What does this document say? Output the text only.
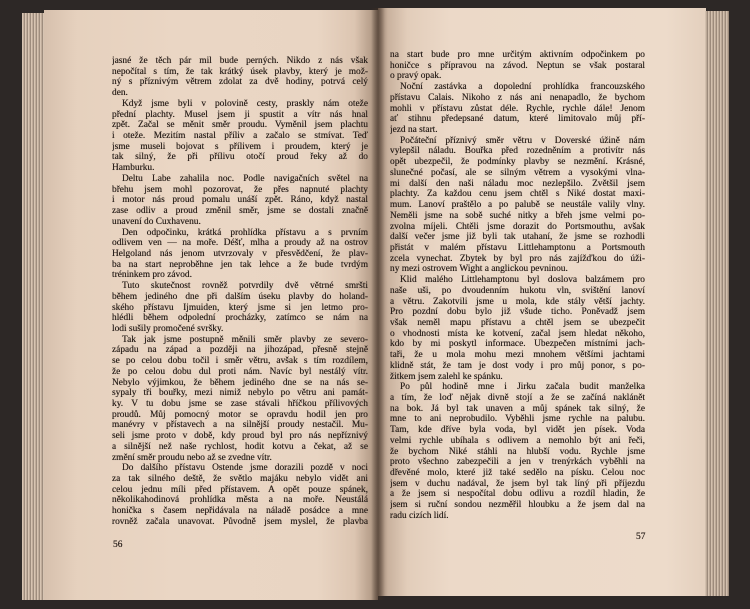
jasné že těch pár mil bude perných. Nikdo z nás však
nepočítal s tím, že tak krátký úsek plavby, který je mož-
ný s příznivým větrem zdolat za dvě hodiny, potrvá celý
den.
Když jsme byli v polovině cesty, praskly nám oteže
přední plachty. Musel jsem ji spustit a vítr nás hnal
zpět. Začal se měnit směr proudu. Vyměnil jsem plachtu
i oteže. Mezitím nastal příliv a začalo se stmívat. Teď
jsme museli bojovat s přílivem i proudem, který je
tak silný, že při přílivu otočí proud řeky až do
Hamburku.
Deltu Labe zahalila noc. Podle navigačních světel na
břehu jsem mohl pozorovat, že přes napnuté plachty
i motor nás proud pomalu unáší zpět. Ráno, když nastal
zase odliv a proud změnil směr, jsme se dostali značně
unavení do Cuxhavenu.
Den odpočinku, krátká prohlídka přístavu a s prvním
odlivem ven — na moře. Déšť, mlha a proudy až na ostrov
Helgoland nás jenom utvrzovaly v přesvědčení, že plav-
ba na start neproběhne jen tak lehce a že bude tvrdým
tréninkem pro závod.
Tuto skutečnost rovněž potvrdily dvě větrné smršti
během jediného dne při dalším úseku plavby do holand-
ského přístavu Ijmuiden, který jsme si jen letmo pro-
hlédli během odpolední procházky, zatímco se nám na
lodi sušily promočené svršky.
Tak jak jsme postupně měnili směr plavby ze severo-
západu na západ a později na jihozápad, přesně stejně
se po celou dobu točil i směr větru, avšak s tím rozdílem,
že po celou dobu dul proti nám. Navíc byl nestálý vítr.
Nebylo výjimkou, že během jediného dne se na nás se-
sypaly tři bouřky, mezi nimiž nebylo po větru ani památ-
ky. V tu dobu jsme se zase stávali hříčkou přílivových
proudů. Můj pomocný motor se opravdu hodil jen pro
manévry v přístavech a na silnější proudy nestačil. Mu-
seli jsme proto v době, kdy proud byl pro nás nepříznivý
a silnější než naše rychlost, hodit kotvu a čekat, až se
změní směr proudu nebo až se zvedne vítr.
Do dalšího přístavu Ostende jsme dorazili pozdě v noci
za tak silného deště, že světlo majáku nebylo vidět ani
celou jednu míli před přístavem. A opět pouze spánek,
několikahodinová prohlídka města a na moře. Neustálá
honička s časem nepřidávala na náladě posádce a mne
rovněž začala unavovat. Původně jsem myslel, že plavba
na start bude pro mne určitým aktivním odpočinkem po
honičce s přípravou na závod. Neptun se však postaral
o pravý opak.
Noční zastávka a dopolední prohlídka francouzského
přístavu Calais. Nikoho z nás ani nenapadlo, že bychom
mohli v přístavu zůstat déle. Rychle, rychle dále! Jenom
ať stihnu předepsané datum, které limitovalo můj pří-
jezd na start.
Počáteční příznivý směr větru v Doverské úžině nám
vylepšil náladu. Bouřka před rozedněním a protivítr nás
opět ubezpečil, že podmínky plavby se nezmění. Krásné,
slunečné počasí, ale se silným větrem a vysokými vlna-
mi další den naši náladu moc nezlepšilo. Zvětšil jsem
plachty. Za každou cenu jsem chtěl s Niké dostat maxi-
mum. Lanoví praštělo a po palubě se neustále valily vlny.
Neměli jsme na sobě suché nitky a břeh jsme velmi po-
zvolna míjeli. Chtěli jsme dorazit do Portsmouthu, avšak
další večer jsme již byli tak utahaní, že jsme se rozhodli
přistát v malém přístavu Littlehamptonu a Portsmouth
zcela vynechat. Zbytek by byl pro nás zajížďkou do úži-
ny mezi ostrovem Wight a anglickou pevninou.
Klid malého Littlehamptonu byl doslova balzámem pro
naše uši, po dvoudenním hukotu vln, svištění lanoví
a větru. Zakotvili jsme u mola, kde stály větší jachty.
Pro pozdní dobu bylo již všude ticho. Poněvadž jsem
však neměl mapu přístavu a chtěl jsem se ubezpečit
o vhodnosti místa ke kotvení, začal jsem hledat někoho,
kdo by mi poskytl informace. Ubezpečen místními jach-
taři, že u mola mohu mezi mnohem většími jachtami
klidně stát, že tam je dost vody i pro můj ponor, s po-
žitkem jsem zalehl ke spánku.
Po půl hodině mne i Jirku začala budit manželka
a tím, že loď nějak divně stojí a že se začíná naklánět
na bok. Já byl tak unaven a můj spánek tak silný, že
mne to ani neprobudilo. Vyběhli jsme rychle na palubu.
Tam, kde dříve byla voda, byl vidět jen písek. Voda
velmi rychle ubíhala s odlivem a nemohlo být ani řeči,
že bychom Niké stáhli na hlubší vodu. Rychle jsme
proto všechno zabezpečili a jen v trenýrkách vyběhli na
dřevěné molo, které již také sedělo na písku. Celou noc
jsem v duchu nadával, že jsem byl tak líný při příjezdu
a že jsem si nespočítal dobu odlivu a rozdíl hladin, že
jsem si ruční sondou nezměřil hloubku a že jsem dal na
radu cizích lidí.
56
57
